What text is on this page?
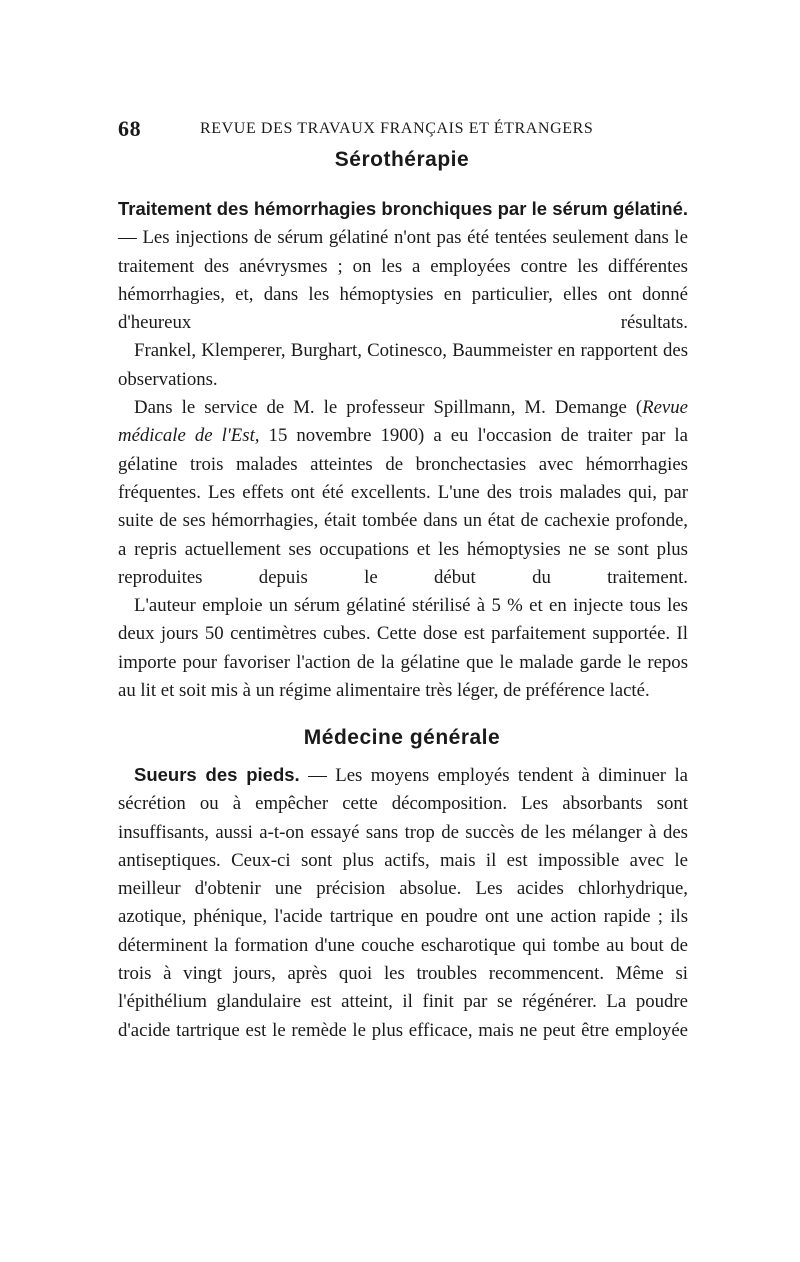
68	REVUE DES TRAVAUX FRANÇAIS ET ÉTRANGERS
Sérothérapie

Traitement des hémorrhagies bronchiques par le sérum gélatiné. — Les injections de sérum gélatiné n'ont pas été tentées seulement dans le traitement des anévrysmes ; on les a employées contre les différentes hémorrhagies, et, dans les hémoptysies en particulier, elles ont donné d'heureux résultats.

Frankel, Klemperer, Burghart, Cotinesco, Baummeister en rapportent des observations.

Dans le service de M. le professeur Spillmann, M. Demange (Revue médicale de l'Est, 15 novembre 1900) a eu l'occasion de traiter par la gélatine trois malades atteintes de bronchectasies avec hémorrhagies fréquentes. Les effets ont été excellents. L'une des trois malades qui, par suite de ses hémorrhagies, était tombée dans un état de cachexie profonde, a repris actuellement ses occupations et les hémoptysies ne se sont plus reproduites depuis le début du traitement.

L'auteur emploie un sérum gélatiné stérilisé à 5 % et en injecte tous les deux jours 50 centimètres cubes. Cette dose est parfaitement supportée. Il importe pour favoriser l'action de la gélatine que le malade garde le repos au lit et soit mis à un régime alimentaire très léger, de préférence lacté.

Médecine générale

Sueurs des pieds. — Les moyens employés tendent à diminuer la sécrétion ou à empêcher cette décomposition. Les absorbants sont insuffisants, aussi a-t-on essayé sans trop de succès de les mélanger à des antiseptiques. Ceux-ci sont plus actifs, mais il est impossible avec le meilleur d'obtenir une précision absolue. Les acides chlorhydrique, azotique, phénique, l'acide tartrique en poudre ont une action rapide ; ils déterminent la formation d'une couche escharotique qui tombe au bout de trois à vingt jours, après quoi les troubles recommencent. Même si l'épithélium glandulaire est atteint, il finit par se régénérer. La poudre d'acide tartrique est le remède le plus efficace, mais ne peut être employée
